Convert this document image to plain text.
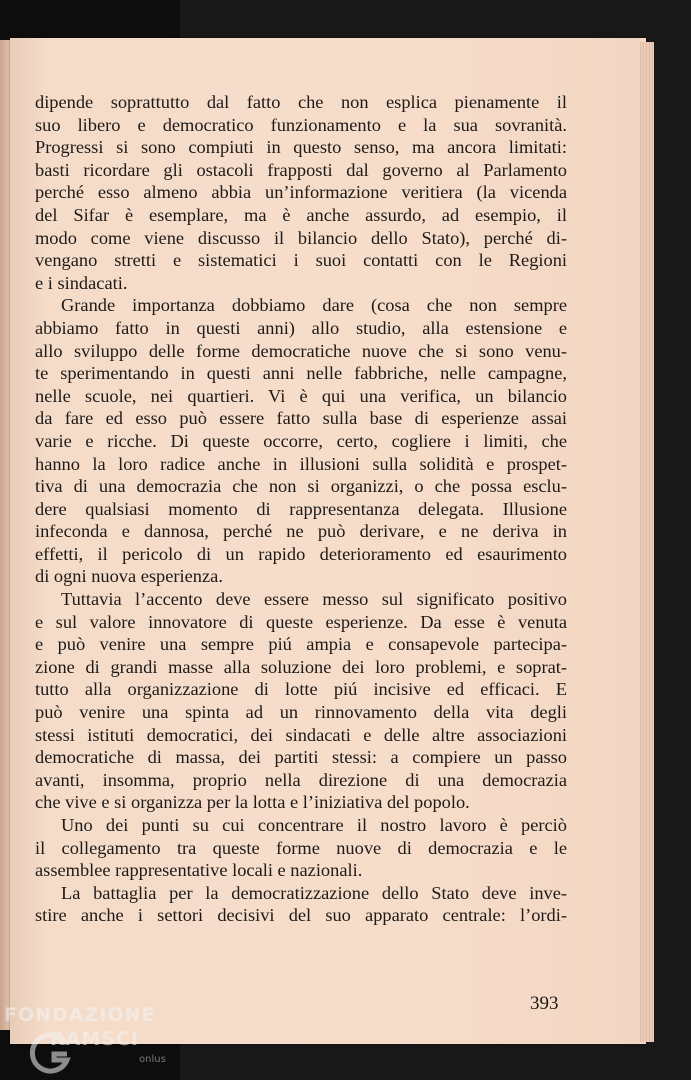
dipende soprattutto dal fatto che non esplica pienamente il
suo libero e democratico funzionamento e la sua sovranità.
Progressi si sono compiuti in questo senso, ma ancora limitati:
basti ricordare gli ostacoli frapposti dal governo al Parlamento
perché esso almeno abbia un’informazione veritiera (la vicenda
del Sifar è esemplare, ma è anche assurdo, ad esempio, il
modo come viene discusso il bilancio dello Stato), perché di-
vengano stretti e sistematici i suoi contatti con le Regioni
e i sindacati.
Grande importanza dobbiamo dare (cosa che non sempre
abbiamo fatto in questi anni) allo studio, alla estensione e
allo sviluppo delle forme democratiche nuove che si sono venu-
te sperimentando in questi anni nelle fabbriche, nelle campagne,
nelle scuole, nei quartieri. Vi è qui una verifica, un bilancio
da fare ed esso può essere fatto sulla base di esperienze assai
varie e ricche. Di queste occorre, certo, cogliere i limiti, che
hanno la loro radice anche in illusioni sulla solidità e prospet-
tiva di una democrazia che non si organizzi, o che possa esclu-
dere qualsiasi momento di rappresentanza delegata. Illusione
infeconda e dannosa, perché ne può derivare, e ne deriva in
effetti, il pericolo di un rapido deterioramento ed esaurimento
di ogni nuova esperienza.
Tuttavia l’accento deve essere messo sul significato positivo
e sul valore innovatore di queste esperienze. Da esse è venuta
e può venire una sempre piú ampia e consapevole partecipa-
zione di grandi masse alla soluzione dei loro problemi, e soprat-
tutto alla organizzazione di lotte piú incisive ed efficaci. E
può venire una spinta ad un rinnovamento della vita degli
stessi istituti democratici, dei sindacati e delle altre associazioni
democratiche di massa, dei partiti stessi: a compiere un passo
avanti, insomma, proprio nella direzione di una democrazia
che vive e si organizza per la lotta e l’iniziativa del popolo.
Uno dei punti su cui concentrare il nostro lavoro è perciò
il collegamento tra queste forme nuove di democrazia e le
assemblee rappresentative locali e nazionali.
La battaglia per la democratizzazione dello Stato deve inve-
stire anche i settori decisivi del suo apparato centrale: l’ordi-
393
FONDAZIONE
RAMSCI
onlus
